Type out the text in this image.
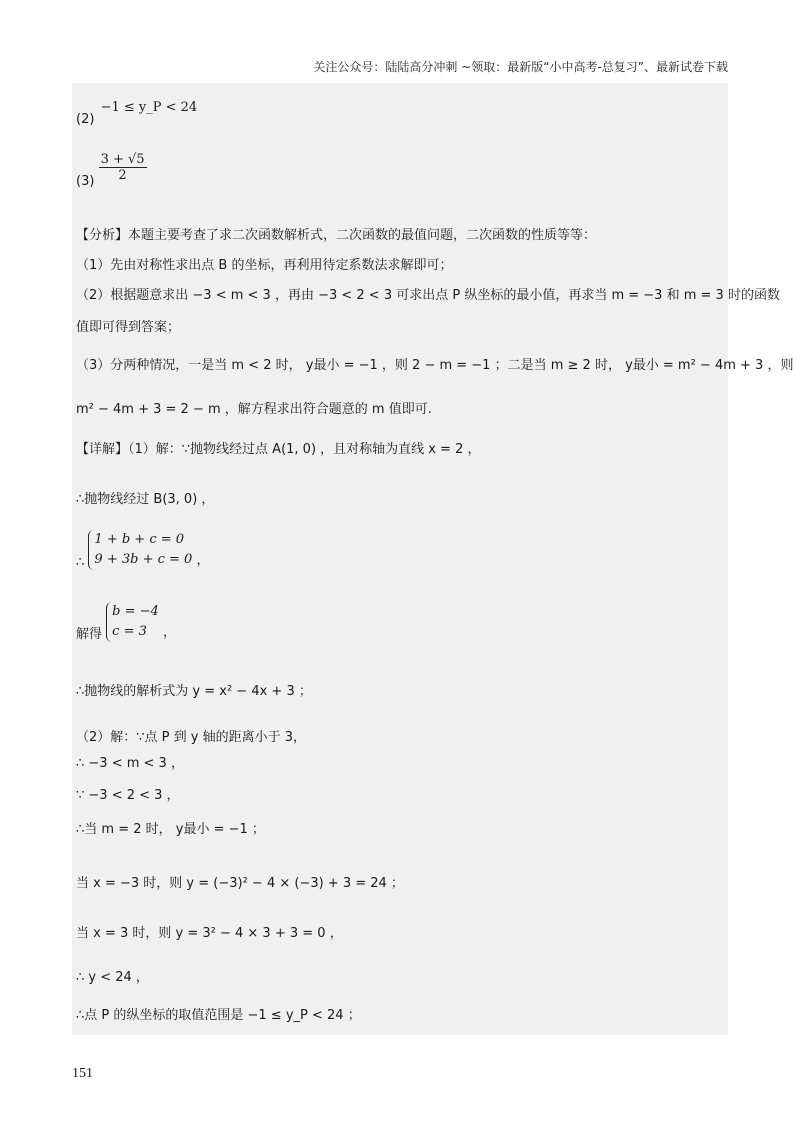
关注公众号：陆陆高分冲刺 ~领取：最新版“小中高考-总复习”、最新试卷下载
(2) −1 ≤ y_P < 24
$(3) \frac{3 + √5}{2}$
【分析】本题主要考查了求二次函数解析式，二次函数的最值问题，二次函数的性质等等：
（1）先由对称性求出点 B 的坐标，再利用待定系数法求解即可；
（2）根据题意求出 −3 < m < 3 ，再由 −3 < 2 < 3 可求出点 P 纵坐标的最小值，再求当 m = −3 和 m = 3 时的函数
值即可得到答案；
（3）分两种情况，一是当 m < 2 时， y最小 = −1 ，则 2 − m = −1 ；二是当 m ≥ 2 时， y最小 = m² − 4m + 3 ，则
m² − 4m + 3 = 2 − m ，解方程求出符合题意的 m 值即可.
【详解】（1）解：∵抛物线经过点 A(1, 0) ，且对称轴为直线 x = 2 ，
∴抛物线经过 B(3, 0) ，
∴ 1 + b + c = 0
9 + 3b + c = 0 ，
解得 b = −4
c = 3 ，
∴抛物线的解析式为 y = x² − 4x + 3 ；
（2）解：∵点 P 到 y 轴的距离小于 3，
∴ −3 < m < 3 ，
∵ −3 < 2 < 3 ，
∴当 m = 2 时， y最小 = −1 ；
当 x = −3 时，则 y = (−3)² − 4 × (−3) + 3 = 24 ；
当 x = 3 时，则 y = 3² − 4 × 3 + 3 = 0 ，
∴ y < 24 ，
∴点 P 的纵坐标的取值范围是 −1 ≤ y_P < 24 ；
151
